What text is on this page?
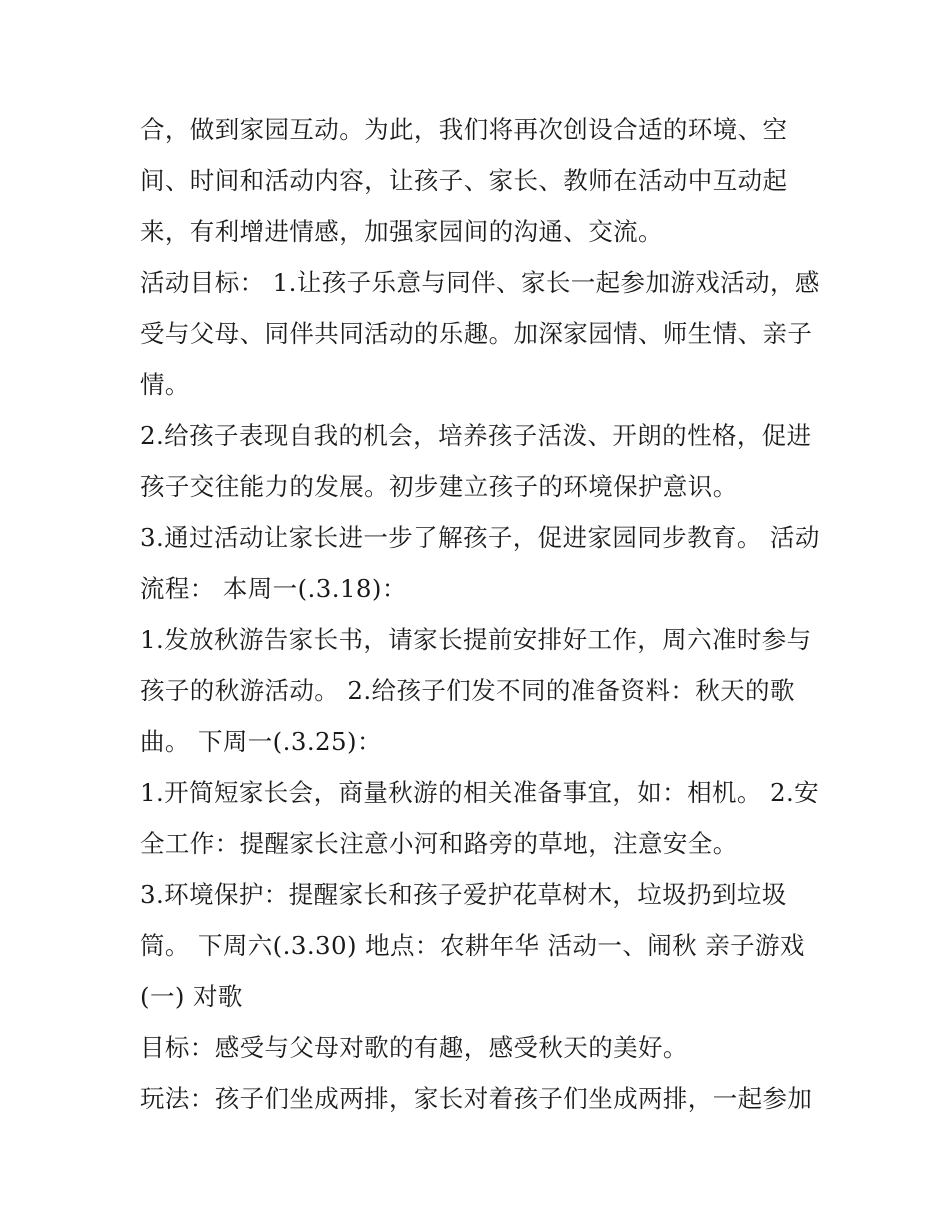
合，做到家园互动。为此，我们将再次创设合适的环境、空
间、时间和活动内容，让孩子、家长、教师在活动中互动起
来，有利增进情感，加强家园间的沟通、交流。
活动目标： 1.让孩子乐意与同伴、家长一起参加游戏活动，感
受与父母、同伴共同活动的乐趣。加深家园情、师生情、亲子
情。
2.给孩子表现自我的机会，培养孩子活泼、开朗的性格，促进
孩子交往能力的发展。初步建立孩子的环境保护意识。
3.通过活动让家长进一步了解孩子，促进家园同步教育。 活动
流程： 本周一(.3.18)：
1.发放秋游告家长书，请家长提前安排好工作，周六准时参与
孩子的秋游活动。 2.给孩子们发不同的准备资料：秋天的歌
曲。 下周一(.3.25)：
1.开简短家长会，商量秋游的相关准备事宜，如：相机。 2.安
全工作：提醒家长注意小河和路旁的草地，注意安全。
3.环境保护：提醒家长和孩子爱护花草树木，垃圾扔到垃圾
筒。 下周六(.3.30) 地点：农耕年华 活动一、闹秋 亲子游戏
(一) 对歌
目标：感受与父母对歌的有趣，感受秋天的美好。
玩法：孩子们坐成两排，家长对着孩子们坐成两排，一起参加
